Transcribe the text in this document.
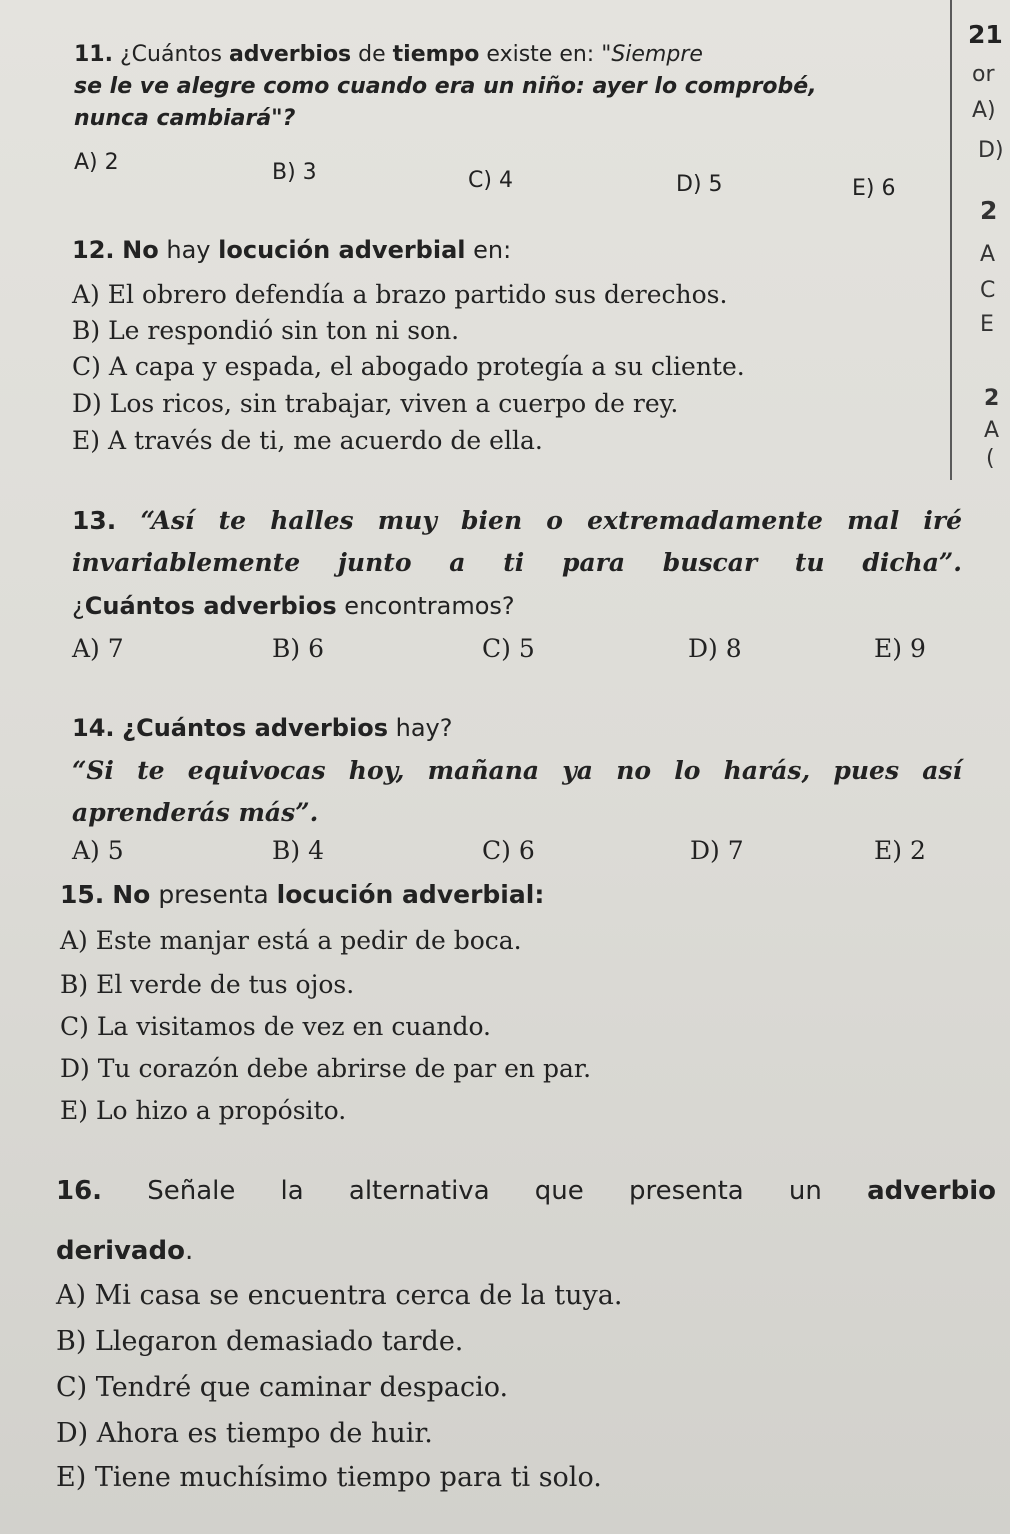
21
or
A)
D)
2
A
C
E
2
A
(
11. ¿Cuántos adverbios de tiempo existe en: "Siempre
se le ve alegre como cuando era un niño: ayer lo comprobé,
nunca cambiará"?
A) 2	B) 3	C) 4	D) 5	E) 6
12. No hay locución adverbial en:
A) El obrero defendía a brazo partido sus derechos.
B) Le respondió sin ton ni son.
C) A capa y espada, el abogado protegía a su cliente.
D) Los ricos, sin trabajar, viven a cuerpo de rey.
E) A través de ti, me acuerdo de ella.
13. “Así te halles muy bien o extremadamente mal iré
invariablemente junto a ti para buscar tu dicha”.
¿Cuántos adverbios encontramos?
A) 7	B) 6	C) 5	D) 8	E) 9
14. ¿Cuántos adverbios hay?
“Si te equivocas hoy, mañana ya no lo harás, pues así
aprenderás más”.
A) 5	B) 4	C) 6	D) 7	E) 2
15. No presenta locución adverbial:
A) Este manjar está a pedir de boca.
B) El verde de tus ojos.
C) La visitamos de vez en cuando.
D) Tu corazón debe abrirse de par en par.
E) Lo hizo a propósito.
16. Señale la alternativa que presenta un adverbio
derivado.
A) Mi casa se encuentra cerca de la tuya.
B) Llegaron demasiado tarde.
C) Tendré que caminar despacio.
D) Ahora es tiempo de huir.
E) Tiene muchísimo tiempo para ti solo.
